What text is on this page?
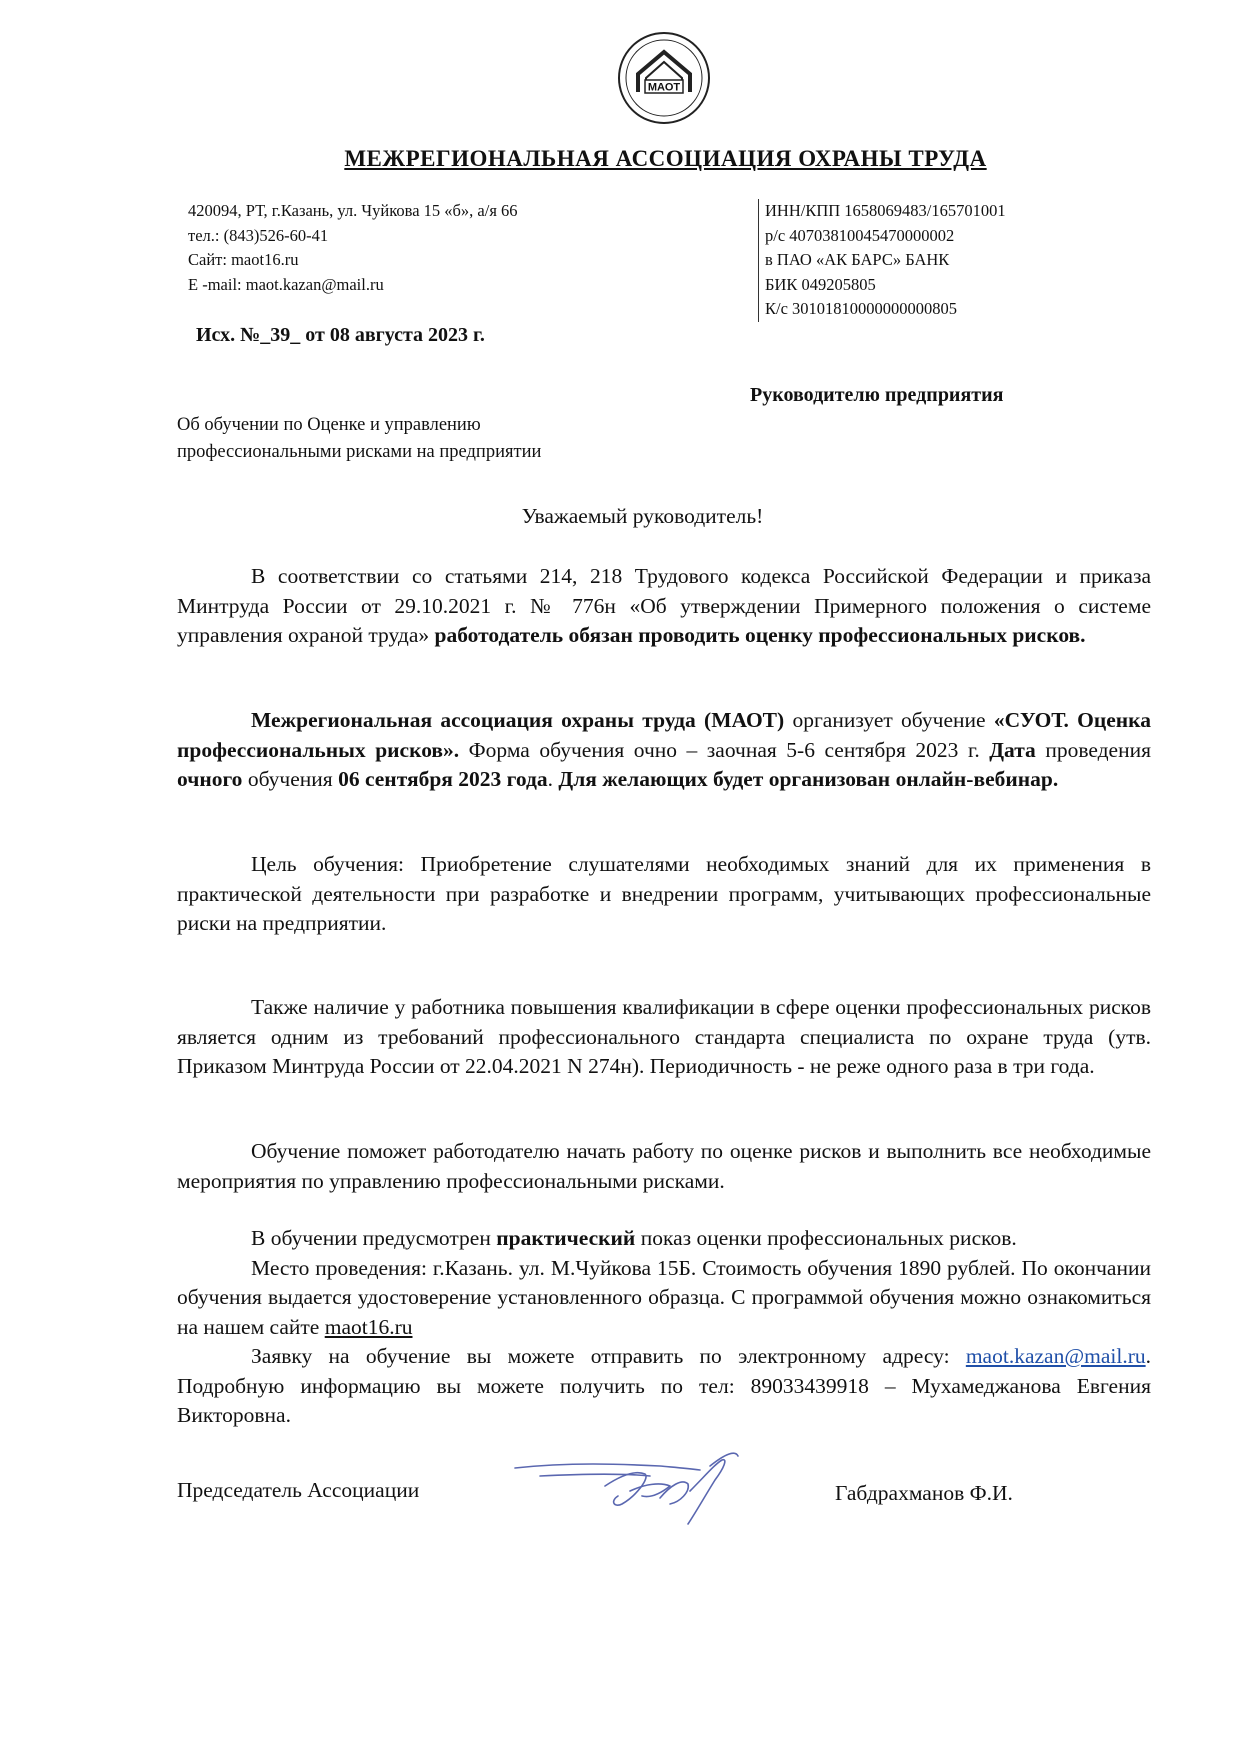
МАОТ
МЕЖРЕГИОНАЛЬНАЯ АССОЦИАЦИЯ ОХРАНЫ ТРУДА
420094, РТ, г.Казань, ул. Чуйкова 15 «б», а/я 66
тел.: (843)526-60-41
Сайт: maot16.ru
E -mail: maot.kazan@mail.ru
ИНН/КПП 1658069483/165701001
р/с 40703810045470000002
в ПАО «АК БАРС» БАНК
БИК 049205805
К/с 30101810000000000805
Исх. №_39_ от 08 августа 2023 г.
Руководителю предприятия
Об обучении по Оценке и управлению
профессиональными рисками на предприятии
Уважаемый руководитель!
В соответствии со статьями 214, 218 Трудового кодекса Российской Федерации и приказа Минтруда России от 29.10.2021 г. № 776н «Об утверждении Примерного положения о системе управления охраной труда» работодатель обязан проводить оценку профессиональных рисков.
Межрегиональная ассоциация охраны труда (МАОТ) организует обучение «СУОТ. Оценка профессиональных рисков». Форма обучения очно – заочная 5-6 сентября 2023 г. Дата проведения очного обучения 06 сентября 2023 года. Для желающих будет организован онлайн-вебинар.
Цель обучения: Приобретение слушателями необходимых знаний для их применения в практической деятельности при разработке и внедрении программ, учитывающих профессиональные риски на предприятии.
Также наличие у работника повышения квалификации в сфере оценки профессиональных рисков является одним из требований профессионального стандарта специалиста по охране труда (утв. Приказом Минтруда России от 22.04.2021 N 274н). Периодичность - не реже одного раза в три года.
Обучение поможет работодателю начать работу по оценке рисков и выполнить все необходимые мероприятия по управлению профессиональными рисками.
В обучении предусмотрен практический показ оценки профессиональных рисков.
Место проведения: г.Казань. ул. М.Чуйкова 15Б. Стоимость обучения 1890 рублей. По окончании обучения выдается удостоверение установленного образца. С программой обучения можно ознакомиться на нашем сайте maot16.ru
Заявку на обучение вы можете отправить по электронному адресу: maot.kazan@mail.ru. Подробную информацию вы можете получить по тел: 89033439918 – Мухамеджанова Евгения Викторовна.
Председатель Ассоциации	Габдрахманов Ф.И.
